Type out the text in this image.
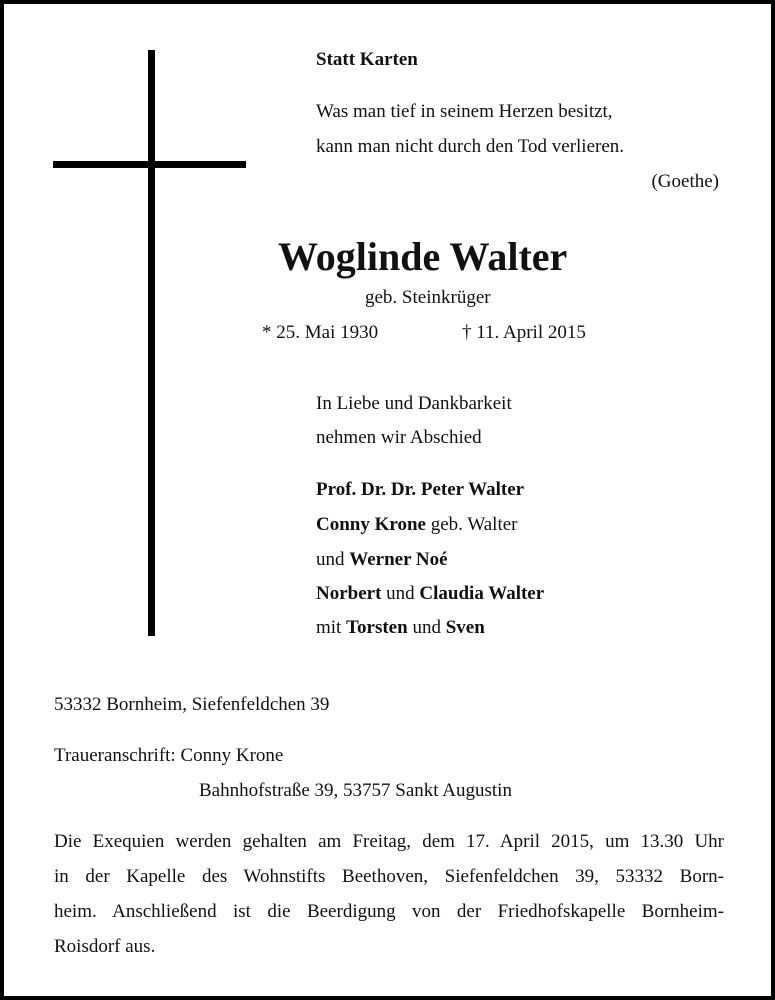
Statt Karten
Was man tief in seinem Herzen besitzt,
kann man nicht durch den Tod verlieren.
(Goethe)
Woglinde Walter
geb. Steinkrüger
* 25. Mai 1930	† 11. April 2015
In Liebe und Dankbarkeit
nehmen wir Abschied
Prof. Dr. Dr. Peter Walter
Conny Krone geb. Walter
und Werner Noé
Norbert und Claudia Walter
mit Torsten und Sven
53332 Bornheim, Siefenfeldchen 39
Traueranschrift: Conny Krone
Bahnhofstraße 39, 53757 Sankt Augustin
Die Exequien werden gehalten am Freitag, dem 17. April 2015, um 13.30 Uhr
in der Kapelle des Wohnstifts Beethoven, Siefenfeldchen 39, 53332 Born-
heim. Anschließend ist die Beerdigung von der Friedhofskapelle Bornheim-
Roisdorf aus.
